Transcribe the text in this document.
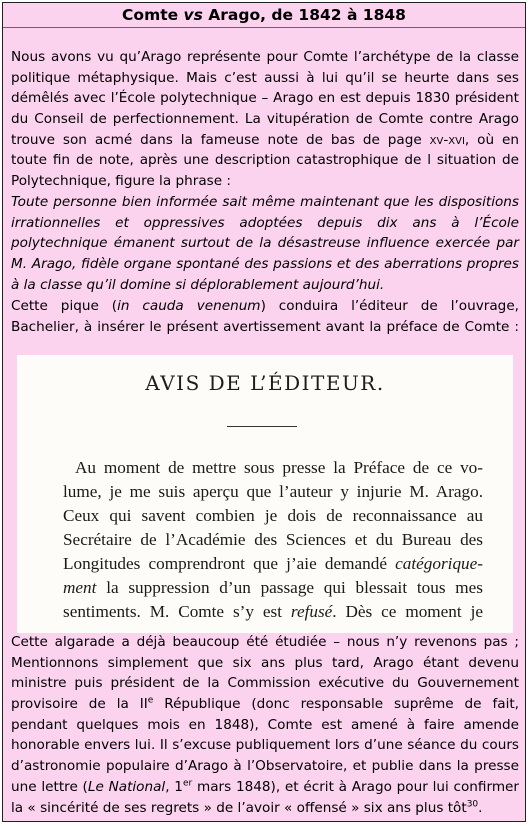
Comte vs Arago, de 1842 à 1848
Nous avons vu qu’Arago représente pour Comte l’archétype de la classe
politique métaphysique. Mais c’est aussi à lui qu’il se heurte dans ses
démêlés avec l’École polytechnique – Arago en est depuis 1830 président
du Conseil de perfectionnement. La vitupération de Comte contre Arago
trouve son acmé dans la fameuse note de bas de page xv-xvi, où en
toute fin de note, après une description catastrophique de l situation de
Polytechnique, figure la phrase :
Toute personne bien informée sait même maintenant que les dispositions
irrationnelles et oppressives adoptées depuis dix ans à l’École
polytechnique émanent surtout de la désastreuse influence exercée par
M. Arago, fidèle organe spontané des passions et des aberrations propres
à la classe qu’il domine si déplorablement aujourd’hui.
Cette pique (in cauda venenum) conduira l’éditeur de l’ouvrage,
Bachelier, à insérer le présent avertissement avant la préface de Comte :
AVIS DE L’ÉDITEUR.
Au moment de mettre sous presse la Préface de ce vo-
lume, je me suis aperçu que l’auteur y injurie M. Arago.
Ceux qui savent combien je dois de reconnaissance au
Secrétaire de l’Académie des Sciences et du Bureau des
Longitudes comprendront que j’aie demandé catégorique-
ment la suppression d’un passage qui blessait tous mes
sentiments. M. Comte s’y est refusé. Dès ce moment je
Cette algarade a déjà beaucoup été étudiée – nous n’y revenons pas ;
Mentionnons simplement que six ans plus tard, Arago étant devenu
ministre puis président de la Commission exécutive du Gouvernement
provisoire de la IIe République (donc responsable suprême de fait,
pendant quelques mois en 1848), Comte est amené à faire amende
honorable envers lui. Il s’excuse publiquement lors d’une séance du cours
d’astronomie populaire d’Arago à l’Observatoire, et publie dans la presse
une lettre (Le National, 1er mars 1848), et écrit à Arago pour lui confirmer
la « sincérité de ses regrets » de l’avoir « offensé » six ans plus tôt$^{30}$.
